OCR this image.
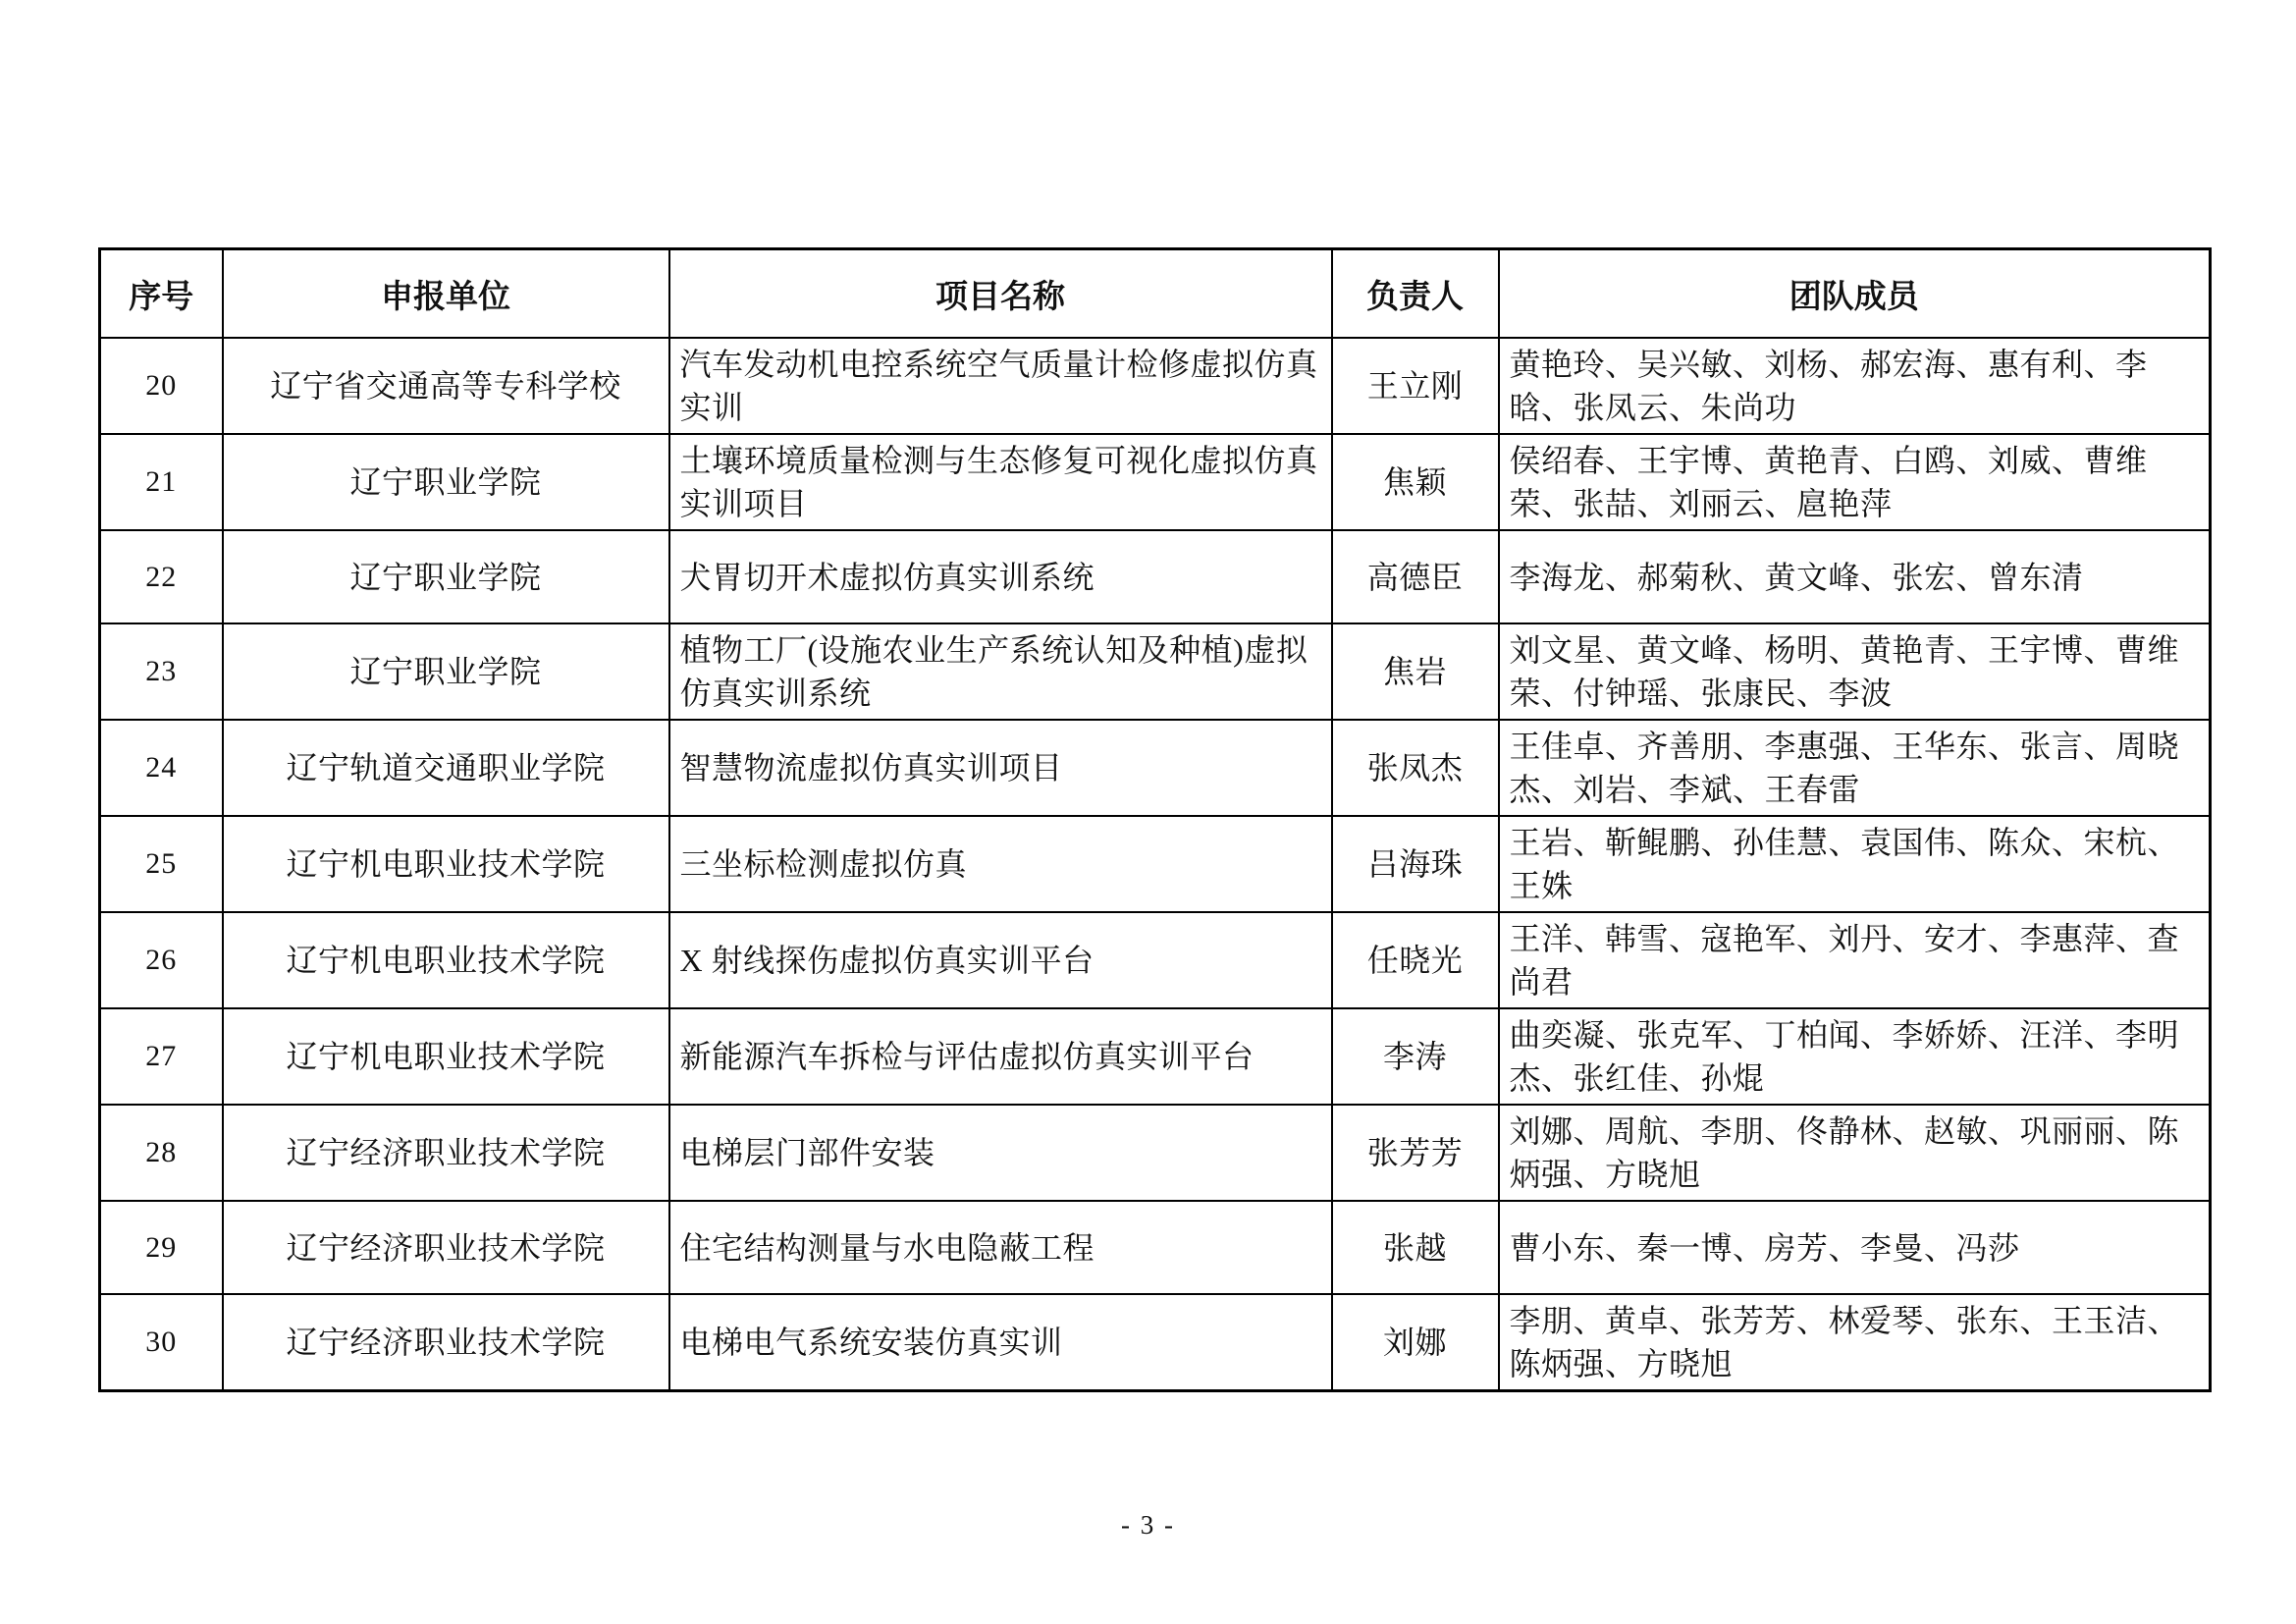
序号	申报单位	项目名称	负责人	团队成员
20	辽宁省交通高等专科学校	汽车发动机电控系统空气质量计检修虚拟仿真实训	王立刚	黄艳玲、吴兴敏、刘杨、郝宏海、惠有利、李晗、张凤云、朱尚功
21	辽宁职业学院	土壤环境质量检测与生态修复可视化虚拟仿真实训项目	焦颖	侯绍春、王宇博、黄艳青、白鸥、刘威、曹维荣、张喆、刘丽云、扈艳萍
22	辽宁职业学院	犬胃切开术虚拟仿真实训系统	高德臣	李海龙、郝菊秋、黄文峰、张宏、曾东清
23	辽宁职业学院	植物工厂(设施农业生产系统认知及种植)虚拟仿真实训系统	焦岩	刘文星、黄文峰、杨明、黄艳青、王宇博、曹维荣、付钟瑶、张康民、李波
24	辽宁轨道交通职业学院	智慧物流虚拟仿真实训项目	张凤杰	王佳卓、齐善朋、李惠强、王华东、张言、周晓杰、刘岩、李斌、王春雷
25	辽宁机电职业技术学院	三坐标检测虚拟仿真	吕海珠	王岩、靳鲲鹏、孙佳慧、袁国伟、陈众、宋杭、王姝
26	辽宁机电职业技术学院	X 射线探伤虚拟仿真实训平台	任晓光	王洋、韩雪、寇艳军、刘丹、安才、李惠萍、查尚君
27	辽宁机电职业技术学院	新能源汽车拆检与评估虚拟仿真实训平台	李涛	曲奕凝、张克军、丁柏闻、李娇娇、汪洋、李明杰、张红佳、孙焜
28	辽宁经济职业技术学院	电梯层门部件安装	张芳芳	刘娜、周航、李朋、佟静林、赵敏、巩丽丽、陈炳强、方晓旭
29	辽宁经济职业技术学院	住宅结构测量与水电隐蔽工程	张越	曹小东、秦一博、房芳、李曼、冯莎
30	辽宁经济职业技术学院	电梯电气系统安装仿真实训	刘娜	李朋、黄卓、张芳芳、林爱琴、张东、王玉洁、陈炳强、方晓旭
- 3 -
